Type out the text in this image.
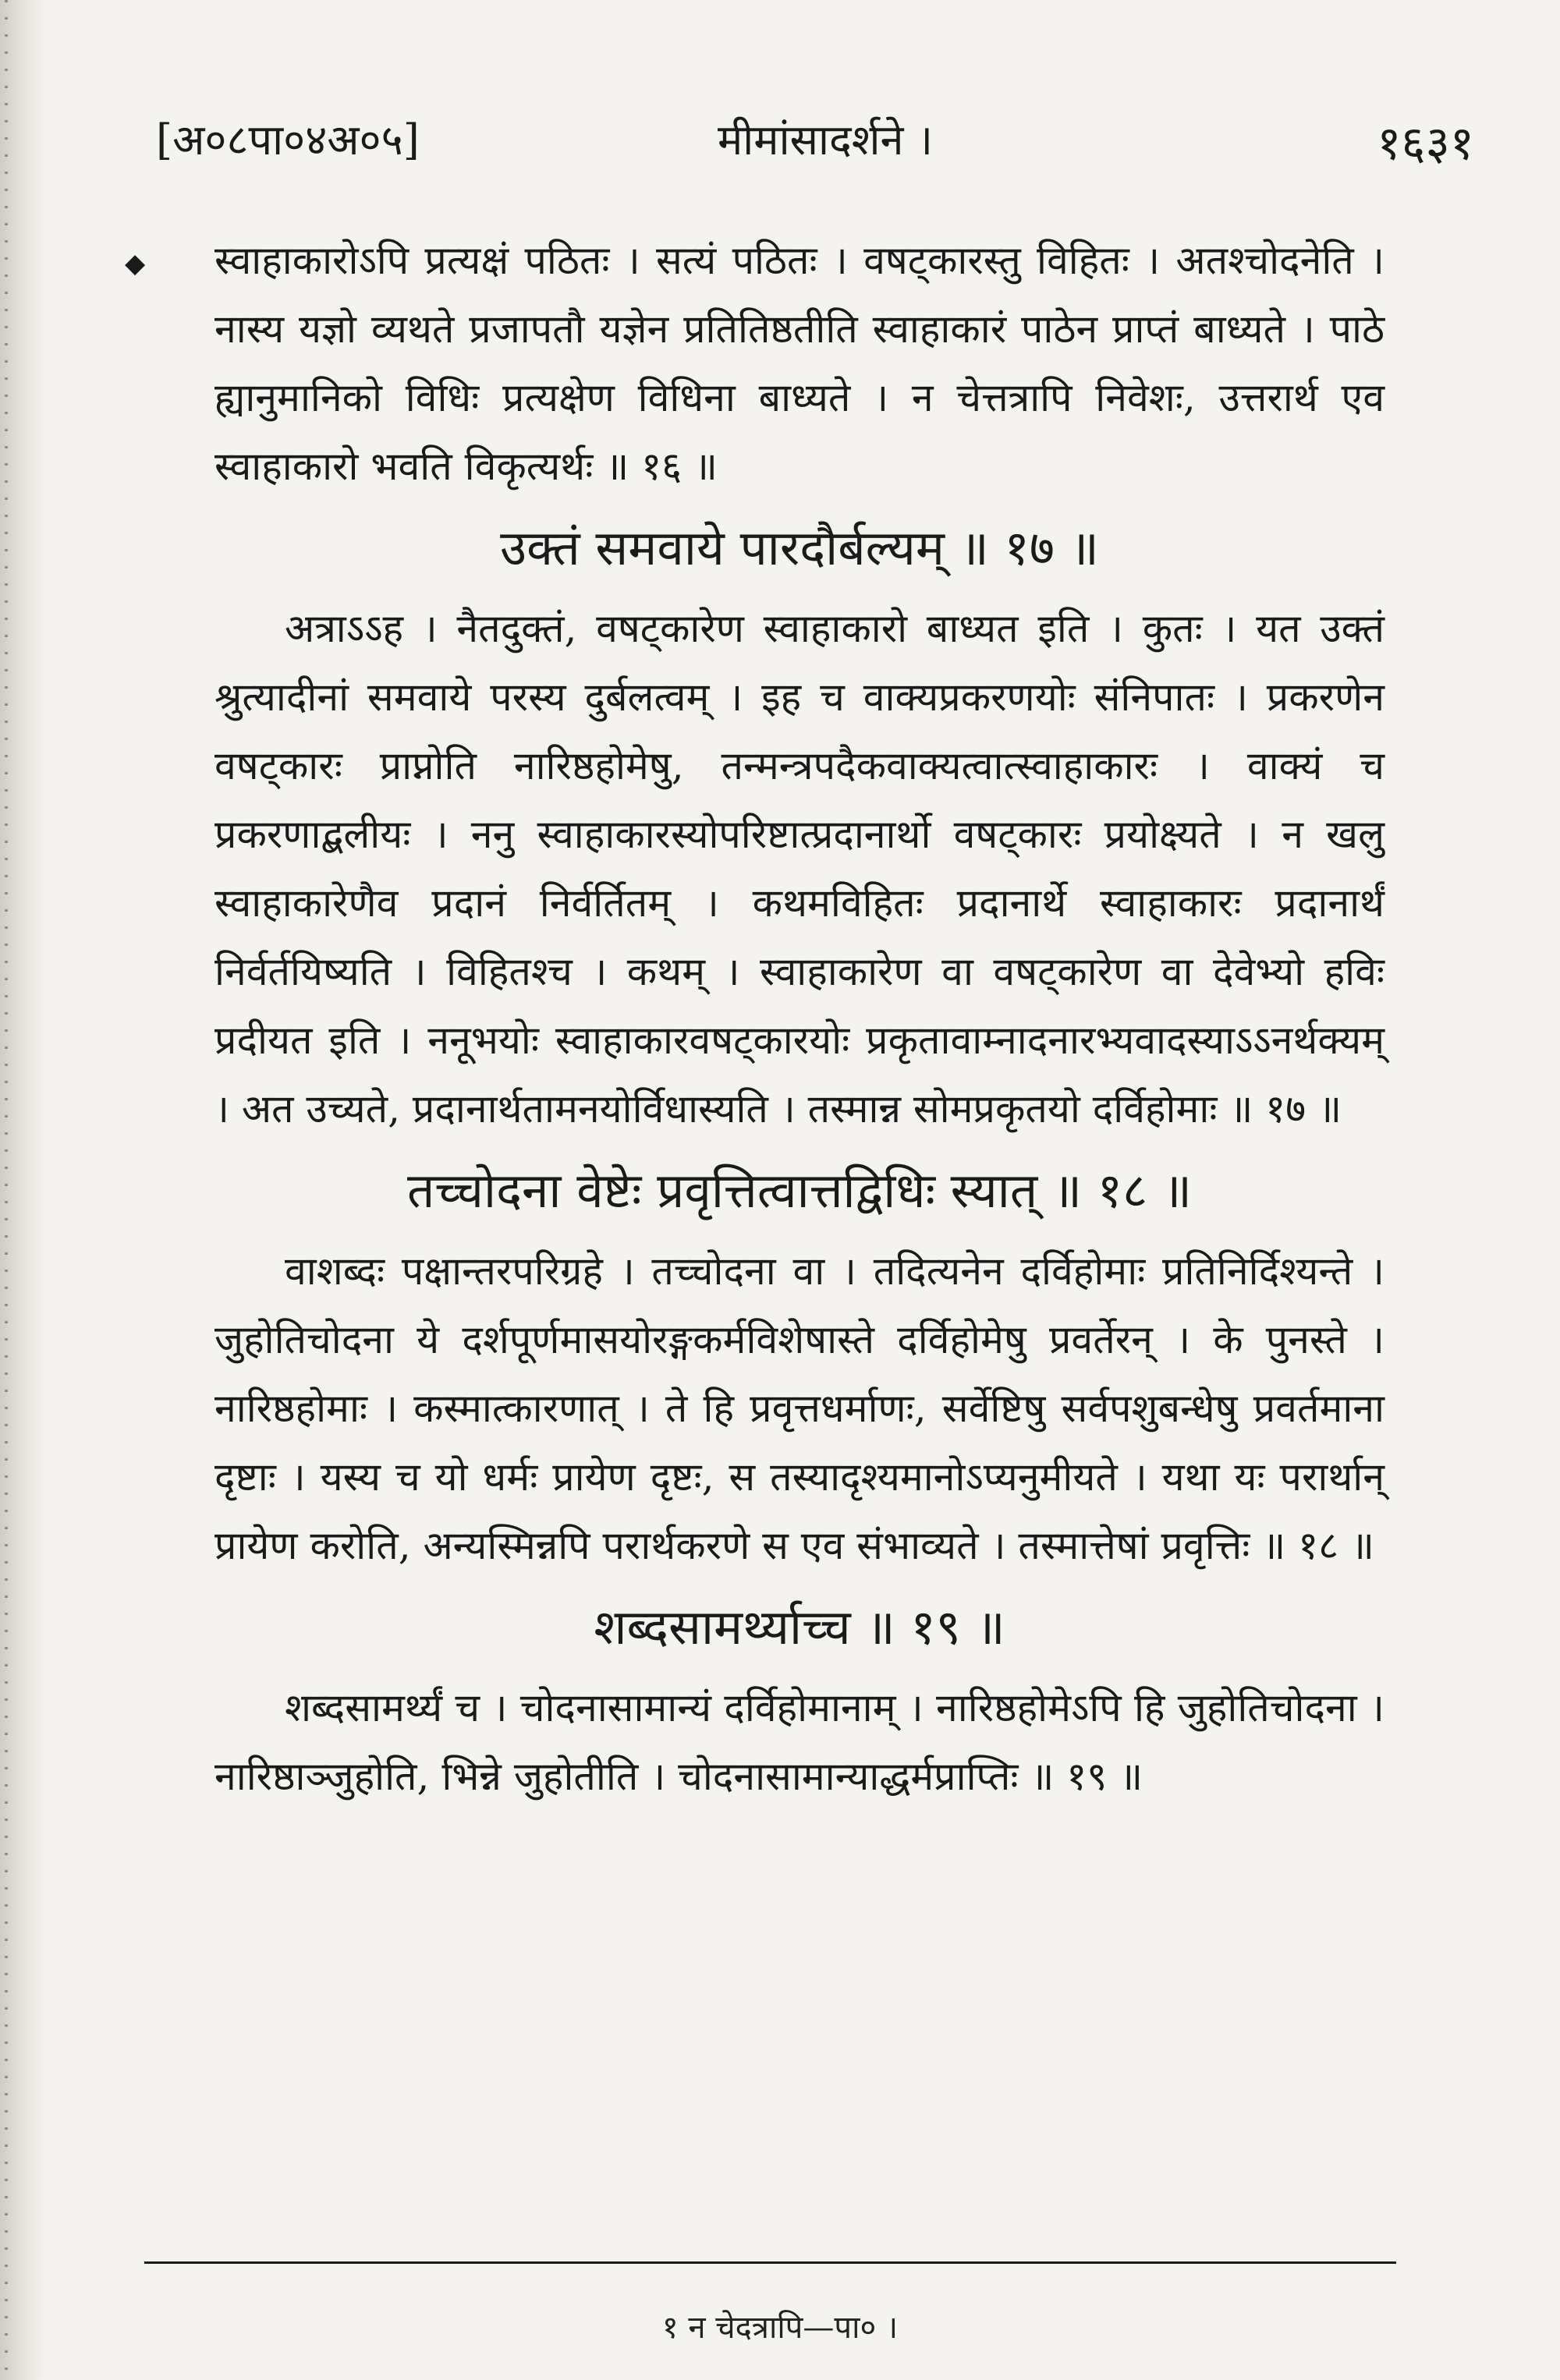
[अ०८पा०४अ०५]	मीमांसादर्शने ।	१६३१
◆ स्वाहाकारोऽपि प्रत्यक्षं पठितः । सत्यं पठितः । वषट्कारस्तु विहितः । अतश्चोदनेति । नास्य यज्ञो व्यथते प्रजापतौ यज्ञेन प्रतितिष्ठतीति स्वाहाकारं पाठेन प्राप्तं बाध्यते । पाठे ह्यानुमानिको विधिः प्रत्यक्षेण विधिना बाध्यते । न चेत्तत्रापि निवेशः, उत्तरार्थ एव स्वाहाकारो भवति विकृत्यर्थः ॥ १६ ॥

उक्तं समवाये पारदौर्बल्यम् ॥ १७ ॥

अत्राऽऽह । नैतदुक्तं, वषट्कारेण स्वाहाकारो बाध्यत इति । कुतः । यत उक्तं श्रुत्यादीनां समवाये परस्य दुर्बलत्वम् । इह च वाक्यप्रकरणयोः संनिपातः । प्रकरणेन वषट्कारः प्राप्नोति नारिष्ठहोमेषु, तन्मन्त्रपदैकवाक्यत्वात्स्वाहाकारः । वाक्यं च प्रकरणाद्बलीयः । ननु स्वाहाकारस्योपरिष्टात्प्रदानार्थो वषट्कारः प्रयोक्ष्यते । न खलु स्वाहाकारेणैव प्रदानं निर्वर्तितम् । कथमविहितः प्रदानार्थे स्वाहाकारः प्रदानार्थं निर्वर्तयिष्यति । विहितश्च । कथम् । स्वाहाकारेण वा वषट्कारेण वा देवेभ्यो हविः प्रदीयत इति । ननूभयोः स्वाहाकारवषट्कारयोः प्रकृतावाम्नादनारभ्यवादस्याऽऽनर्थक्यम् । अत उच्यते, प्रदानार्थतामनयोर्विधास्यति । तस्मान्न सोमप्रकृतयो दर्विहोमाः ॥ १७ ॥

तच्चोदना वेष्टेः प्रवृत्तित्वात्तद्विधिः स्यात् ॥ १८ ॥

वाशब्दः पक्षान्तरपरिग्रहे । तच्चोदना वा । तदित्यनेन दर्विहोमाः प्रतिनिर्दिश्यन्ते । जुहोतिचोदना ये दर्शपूर्णमासयोरङ्गकर्मविशेषास्ते दर्विहोमेषु प्रवर्तेरन् । के पुनस्ते । नारिष्ठहोमाः । कस्मात्कारणात् । ते हि प्रवृत्तधर्माणः, सर्वेष्टिषु सर्वपशुबन्धेषु प्रवर्तमाना दृष्टाः । यस्य च यो धर्मः प्रायेण दृष्टः, स तस्यादृश्यमानोऽप्यनुमीयते । यथा यः परार्थान् प्रायेण करोति, अन्यस्मिन्नपि परार्थकरणे स एव संभाव्यते । तस्मात्तेषां प्रवृत्तिः ॥ १८ ॥

शब्दसामर्थ्याच्च ॥ १९ ॥

शब्दसामर्थ्यं च । चोदनासामान्यं दर्विहोमानाम् । नारिष्ठहोमेऽपि हि जुहोतिचोदना । नारिष्ठाञ्जुहोति, भिन्ने जुहोतीति । चोदनासामान्याद्धर्मप्राप्तिः ॥ १९ ॥

१ न चेदत्रापि—पा० ।
